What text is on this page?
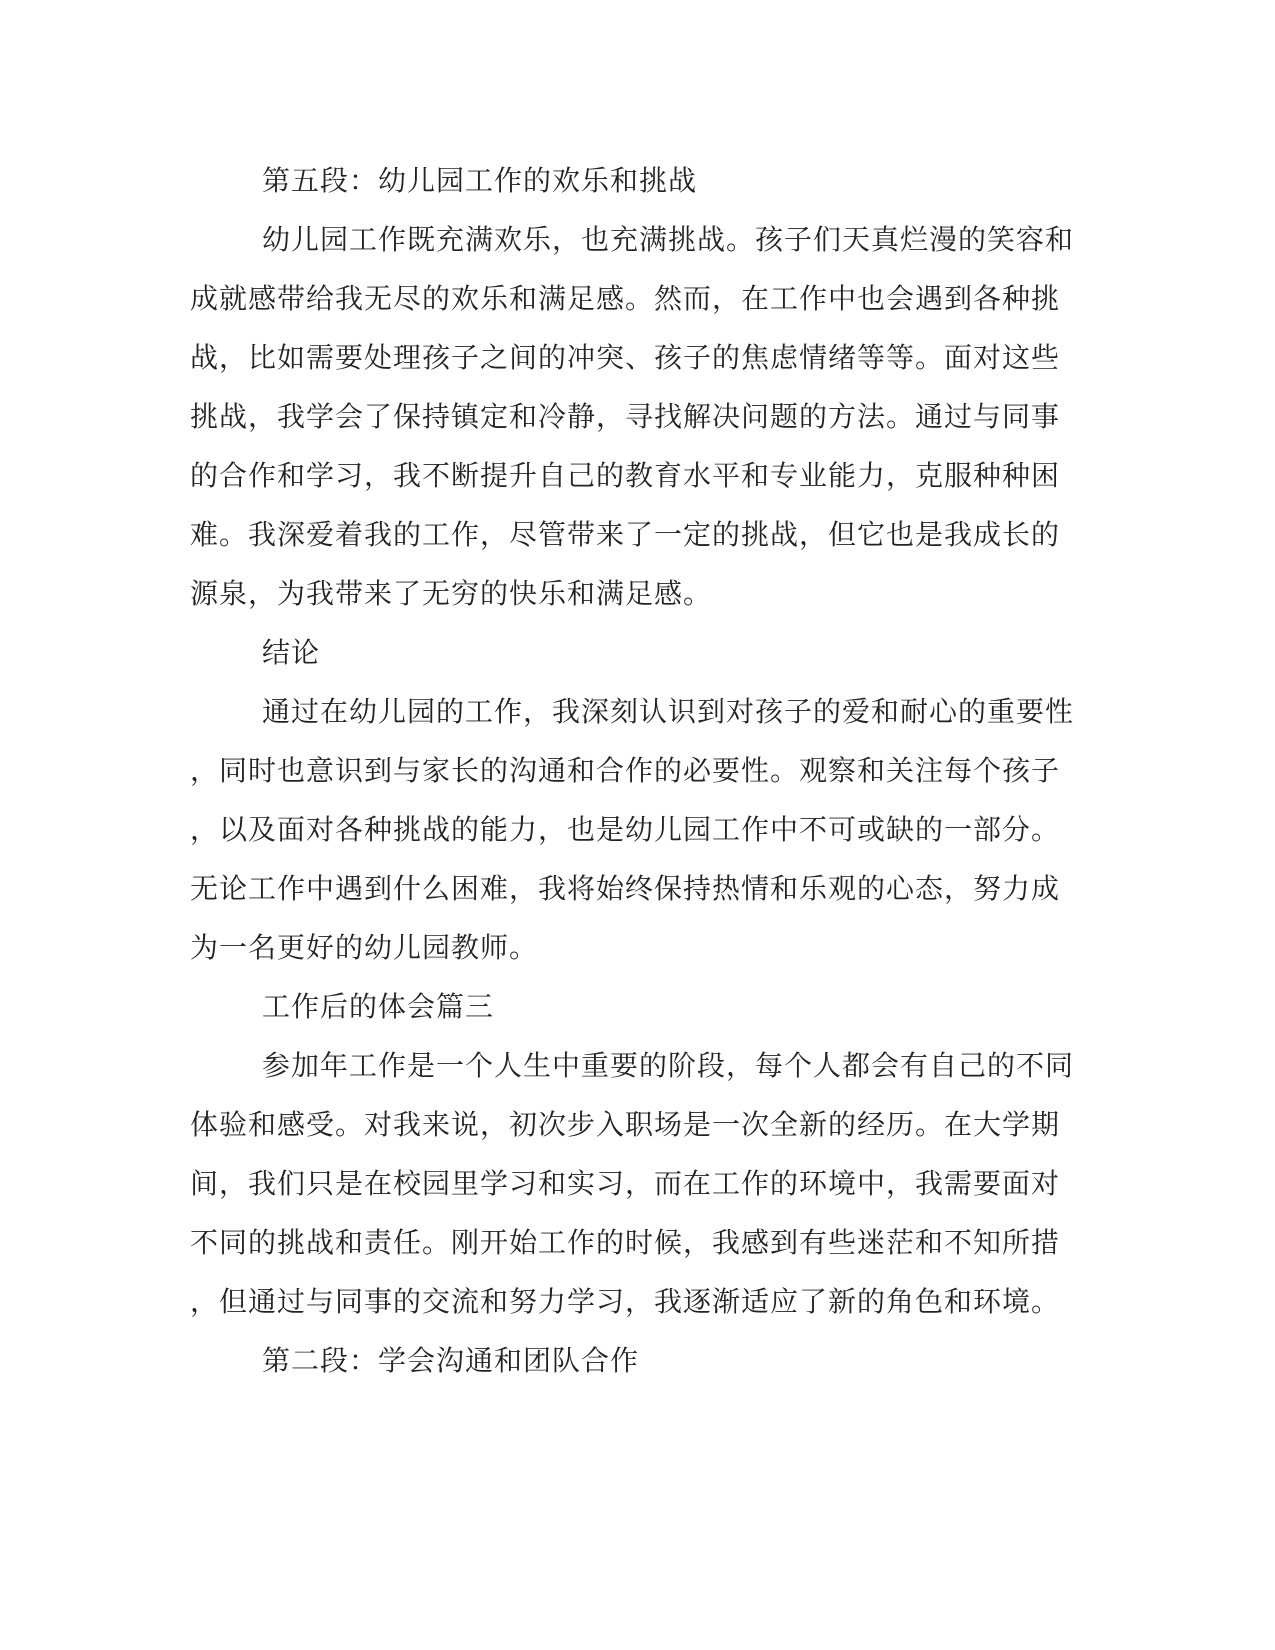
第五段：幼儿园工作的欢乐和挑战
幼儿园工作既充满欢乐，也充满挑战。孩子们天真烂漫的笑容和
成就感带给我无尽的欢乐和满足感。然而，在工作中也会遇到各种挑
战，比如需要处理孩子之间的冲突、孩子的焦虑情绪等等。面对这些
挑战，我学会了保持镇定和冷静，寻找解决问题的方法。通过与同事
的合作和学习，我不断提升自己的教育水平和专业能力，克服种种困
难。我深爱着我的工作，尽管带来了一定的挑战，但它也是我成长的
源泉，为我带来了无穷的快乐和满足感。
结论
通过在幼儿园的工作，我深刻认识到对孩子的爱和耐心的重要性
，同时也意识到与家长的沟通和合作的必要性。观察和关注每个孩子
，以及面对各种挑战的能力，也是幼儿园工作中不可或缺的一部分。
无论工作中遇到什么困难，我将始终保持热情和乐观的心态，努力成
为一名更好的幼儿园教师。
工作后的体会篇三
参加年工作是一个人生中重要的阶段，每个人都会有自己的不同
体验和感受。对我来说，初次步入职场是一次全新的经历。在大学期
间，我们只是在校园里学习和实习，而在工作的环境中，我需要面对
不同的挑战和责任。刚开始工作的时候，我感到有些迷茫和不知所措
，但通过与同事的交流和努力学习，我逐渐适应了新的角色和环境。
第二段：学会沟通和团队合作
